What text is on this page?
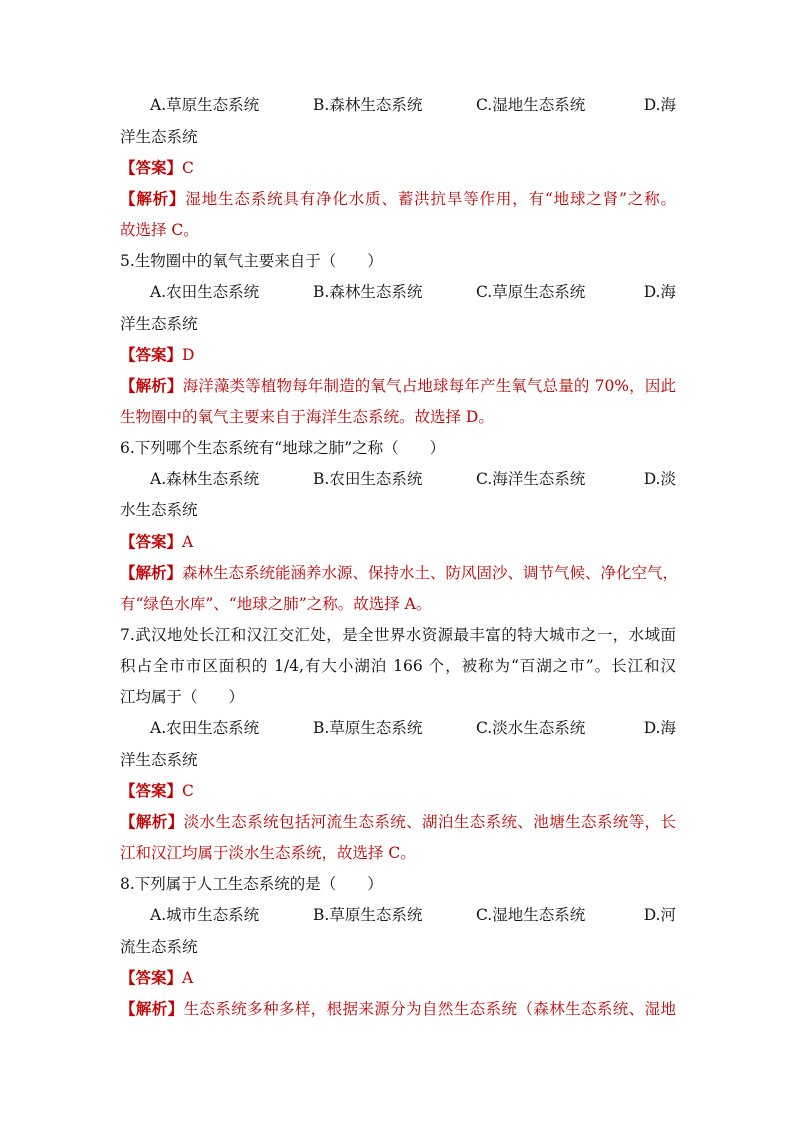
A.草原生态系统	B.森林生态系统	C.湿地生态系统	D.海
洋生态系统
【答案】C
【解析】湿地生态系统具有净化水质、蓄洪抗旱等作用，有“地球之肾”之称。
故选择 C。
5.生物圈中的氧气主要来自于（　　）
A.农田生态系统	B.森林生态系统	C.草原生态系统	D.海
洋生态系统
【答案】D
【解析】海洋藻类等植物每年制造的氧气占地球每年产生氧气总量的 70%，因此
生物圈中的氧气主要来自于海洋生态系统。故选择 D。
6.下列哪个生态系统有“地球之肺”之称（　　）
A.森林生态系统	B.农田生态系统	C.海洋生态系统	D.淡
水生态系统
【答案】A
【解析】森林生态系统能涵养水源、保持水土、防风固沙、调节气候、净化空气，
有“绿色水库”、“地球之肺”之称。故选择 A。
7.武汉地处长江和汉江交汇处，是全世界水资源最丰富的特大城市之一，水域面
积占全市市区面积的 1/4,有大小湖泊 166 个，被称为“百湖之市”。长江和汉
江均属于（　　）
A.农田生态系统	B.草原生态系统	C.淡水生态系统	D.海
洋生态系统
【答案】C
【解析】淡水生态系统包括河流生态系统、湖泊生态系统、池塘生态系统等，长
江和汉江均属于淡水生态系统，故选择 C。
8.下列属于人工生态系统的是（　　）
A.城市生态系统	B.草原生态系统	C.湿地生态系统	D.河
流生态系统
【答案】A
【解析】生态系统多种多样，根据来源分为自然生态系统（森林生态系统、湿地
